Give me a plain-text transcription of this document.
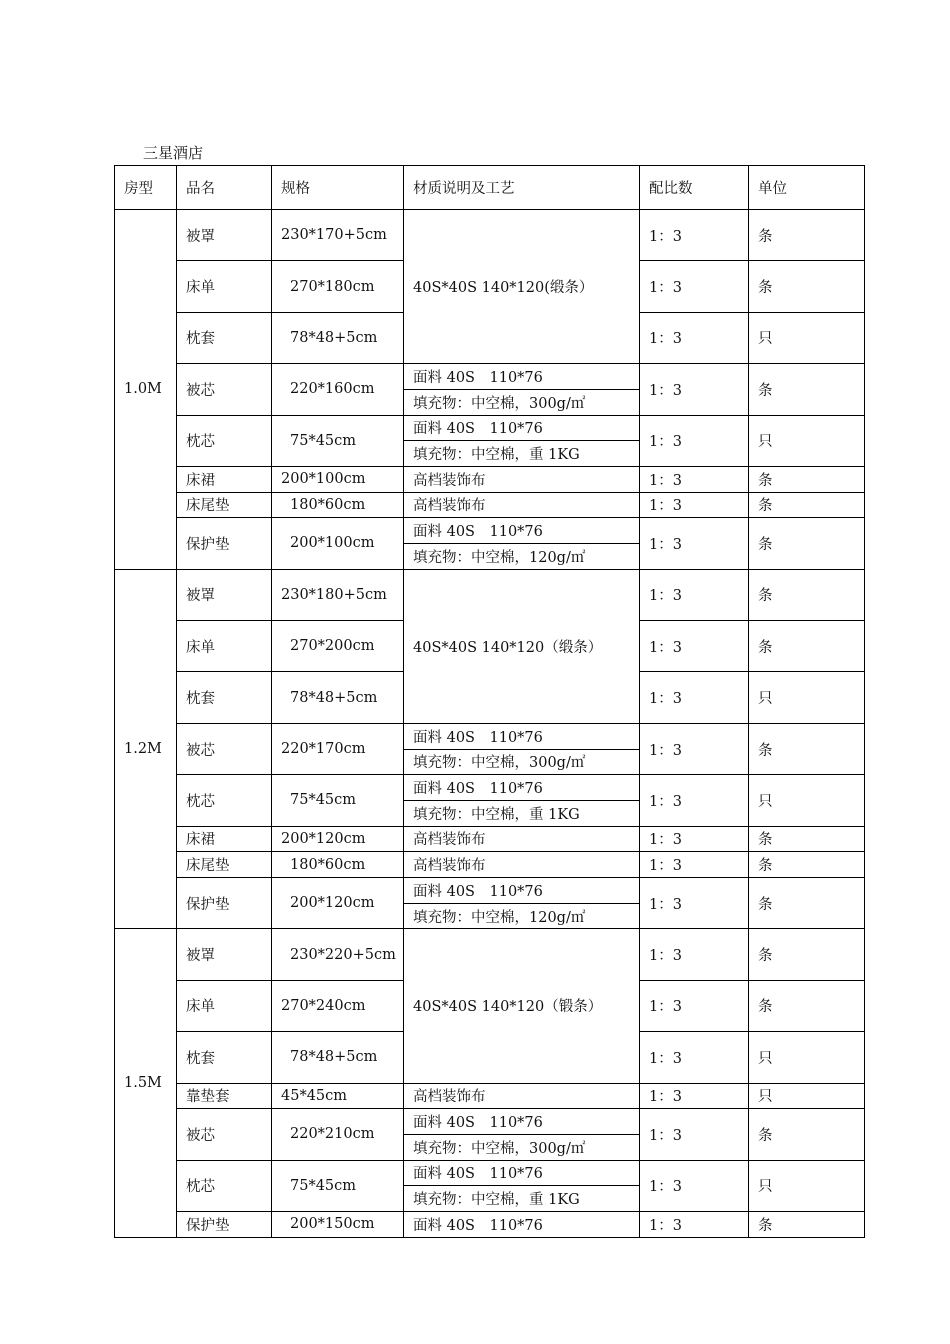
三星酒店
房型	品名	规格	材质说明及工艺	配比数	单位
1.0M	被罩	230*170+5cm	40S*40S 140*120(缎条）	1：3	条
	床单	270*180cm		1：3	条
	枕套	78*48+5cm		1：3	只
	被芯	220*160cm	面料 40S　110*76	1：3	条
			填充物：中空棉，300g/㎡		
	枕芯	75*45cm	面料 40S　110*76	1：3	只
			填充物：中空棉，重 1KG		
	床裙	200*100cm	高档装饰布	1：3	条
	床尾垫	180*60cm	高档装饰布	1：3	条
	保护垫	200*100cm	面料 40S　110*76	1：3	条
			填充物：中空棉，120g/㎡		
1.2M	被罩	230*180+5cm	40S*40S 140*120（缎条）	1：3	条
	床单	270*200cm		1：3	条
	枕套	78*48+5cm		1：3	只
	被芯	220*170cm	面料 40S　110*76	1：3	条
			填充物：中空棉，300g/㎡		
	枕芯	75*45cm	面料 40S　110*76	1：3	只
			填充物：中空棉，重 1KG		
	床裙	200*120cm	高档装饰布	1：3	条
	床尾垫	180*60cm	高档装饰布	1：3	条
	保护垫	200*120cm	面料 40S　110*76	1：3	条
			填充物：中空棉，120g/㎡		
1.5M	被罩	230*220+5cm	40S*40S 140*120（锻条）	1：3	条
	床单	270*240cm		1：3	条
	枕套	78*48+5cm		1：3	只
	靠垫套	45*45cm	高档装饰布	1：3	只
	被芯	220*210cm	面料 40S　110*76	1：3	条
			填充物：中空棉，300g/㎡		
	枕芯	75*45cm	面料 40S　110*76	1：3	只
			填充物：中空棉，重 1KG		
	保护垫	200*150cm	面料 40S　110*76	1：3	条
